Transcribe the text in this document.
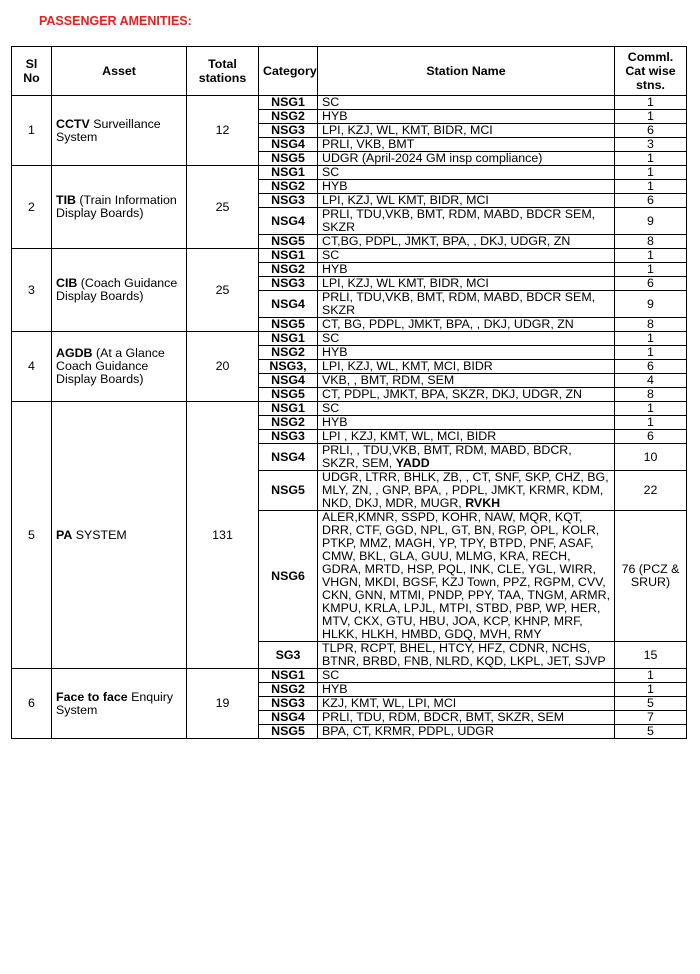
PASSENGER AMENITIES:
Sl No	Asset	Total stations	Category	Station Name	Comml. Cat wise stns.
1	CCTV Surveillance System	12	NSG1	SC	1
			NSG2	HYB	1
			NSG3	LPI, KZJ, WL, KMT, BIDR, MCI	6
			NSG4	PRLI, VKB, BMT	3
			NSG5	UDGR (April-2024 GM insp compliance)	1
2	TIB (Train Information Display Boards)	25	NSG1	SC	1
			NSG2	HYB	1
			NSG3	LPI, KZJ, WL KMT, BIDR, MCI	6
			NSG4	PRLI, TDU,VKB, BMT, RDM, MABD, BDCR SEM, SKZR	9
			NSG5	CT,BG, PDPL, JMKT, BPA, , DKJ, UDGR, ZN	8
3	CIB (Coach Guidance Display Boards)	25	NSG1	SC	1
			NSG2	HYB	1
			NSG3	LPI, KZJ, WL KMT, BIDR, MCI	6
			NSG4	PRLI, TDU,VKB, BMT, RDM, MABD, BDCR SEM, SKZR	9
			NSG5	CT, BG, PDPL, JMKT, BPA, , DKJ, UDGR, ZN	8
4	AGDB (At a Glance Coach Guidance Display Boards)	20	NSG1	SC	1
			NSG2	HYB	1
			NSG3,	LPI, KZJ, WL, KMT, MCI, BIDR	6
			NSG4	VKB, , BMT, RDM, SEM	4
			NSG5	CT, PDPL, JMKT, BPA, SKZR, DKJ, UDGR, ZN	8
5	PA SYSTEM	131	NSG1	SC	1
			NSG2	HYB	1
			NSG3	LPI , KZJ, KMT, WL, MCI, BIDR	6
			NSG4	PRLI, , TDU,VKB, BMT, RDM, MABD, BDCR, SKZR, SEM, YADD	10
			NSG5	UDGR, LTRR, BHLK, ZB, , CT, SNF, SKP, CHZ, BG, MLY, ZN, , GNP, BPA, , PDPL, JMKT, KRMR, KDM, NKD, DKJ, MDR, MUGR, RVKH	22
			NSG6	ALER,KMNR, SSPD, KOHR, NAW, MQR, KQT, DRR, CTF, GGD, NPL, GT, BN, RGP, OPL, KOLR, PTKP, MMZ, MAGH, YP, TPY, BTPD, PNF, ASAF, CMW, BKL, GLA, GUU, MLMG, KRA, RECH, GDRA, MRTD, HSP, PQL, INK, CLE, YGL, WIRR, VHGN, MKDI, BGSF, KZJ Town, PPZ, RGPM, CVV, CKN, GNN, MTMI, PNDP, PPY, TAA, TNGM, ARMR, KMPU, KRLA, LPJL, MTPI, STBD, PBP, WP, HER, MTV, CKX, GTU, HBU, JOA, KCP, KHNP, MRF, HLKK, HLKH, HMBD, GDQ, MVH, RMY	76 (PCZ & SRUR)
			SG3	TLPR, RCPT, BHEL, HTCY, HFZ, CDNR, NCHS, BTNR, BRBD, FNB, NLRD, KQD, LKPL, JET, SJVP	15
6	Face to face Enquiry System	19	NSG1	SC	1
			NSG2	HYB	1
			NSG3	KZJ, KMT, WL, LPI, MCI	5
			NSG4	PRLI, TDU, RDM, BDCR, BMT, SKZR, SEM	7
			NSG5	BPA, CT, KRMR, PDPL, UDGR	5
